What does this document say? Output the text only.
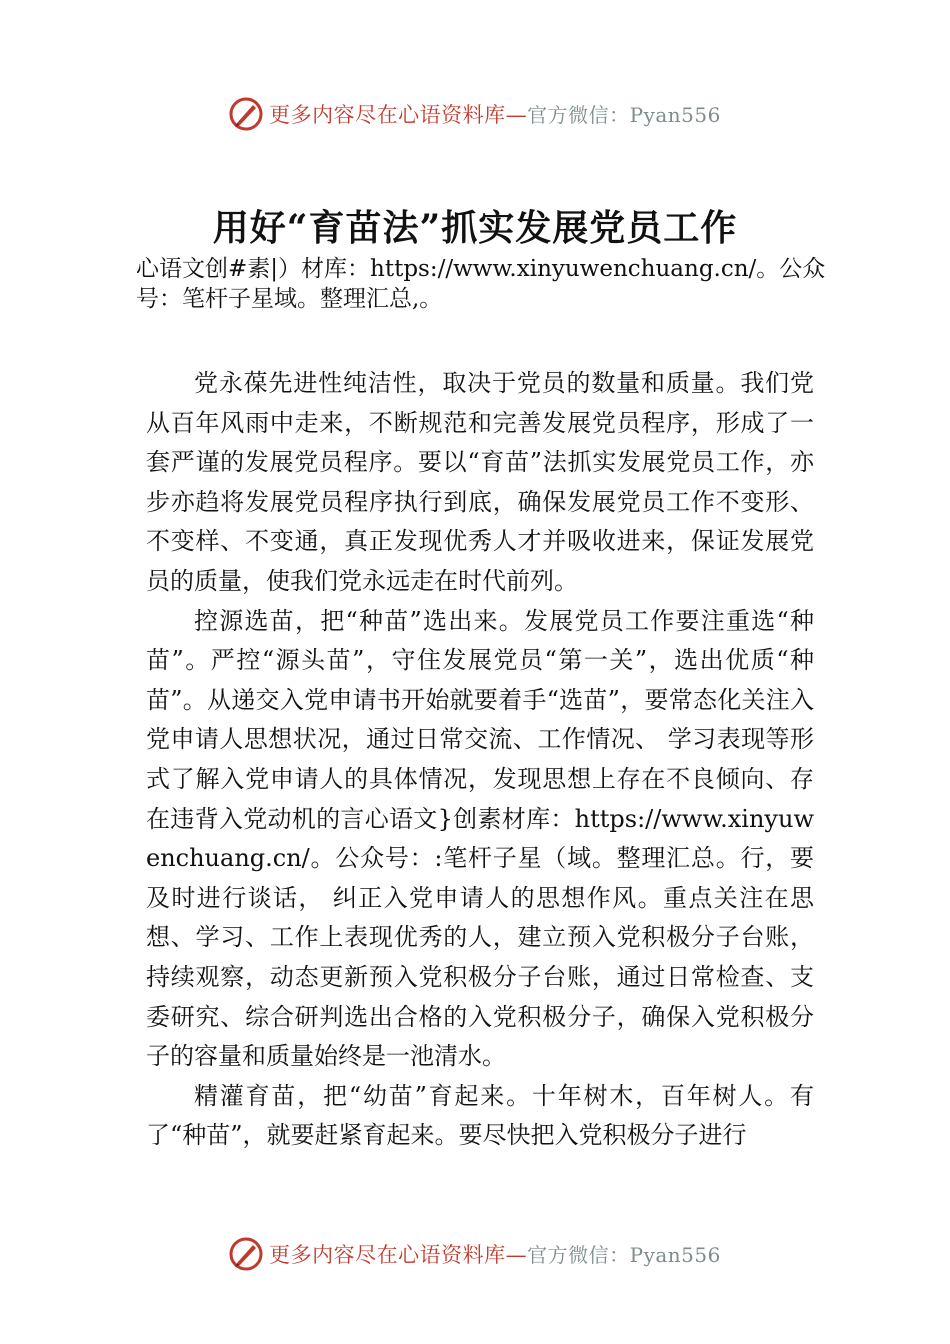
更多内容尽在心语资料库—官方微信：Pyan556
用好“育苗法”抓实发展党员工作

心语文创#素|）材库：https://www.xinyuwenchuang.cn/。公众号：笔杆子星域。整理汇总,。

党永葆先进性纯洁性，取决于党员的数量和质量。我们党从百年风雨中走来，不断规范和完善发展党员程序，形成了一套严谨的发展党员程序。要以“育苗”法抓实发展党员工作，亦步亦趋将发展党员程序执行到底，确保发展党员工作不变形、不变样、不变通，真正发现优秀人才并吸收进来，保证发展党员的质量，使我们党永远走在时代前列。

控源选苗，把“种苗”选出来。发展党员工作要注重选“种苗”。严控“源头苗”，守住发展党员“第一关”，选出优质“种苗”。从递交入党申请书开始就要着手“选苗”，要常态化关注入党申请人思想状况，通过日常交流、工作情况、 学习表现等形式了解入党申请人的具体情况，发现思想上存在不良倾向、存在违背入党动机的言心语文}创素材库：https://www.xinyuwenchuang.cn/。公众号：:笔杆子星（域。整理汇总。行，要及时进行谈话， 纠正入党申请人的思想作风。重点关注在思想、学习、工作上表现优秀的人，建立预入党积极分子台账，持续观察，动态更新预入党积极分子台账，通过日常检查、支委研究、综合研判选出合格的入党积极分子，确保入党积极分子的容量和质量始终是一池清水。

精灌育苗，把“幼苗”育起来。十年树木，百年树人。有了“种苗”，就要赶紧育起来。要尽快把入党积极分子进行

更多内容尽在心语资料库—官方微信：Pyan556
